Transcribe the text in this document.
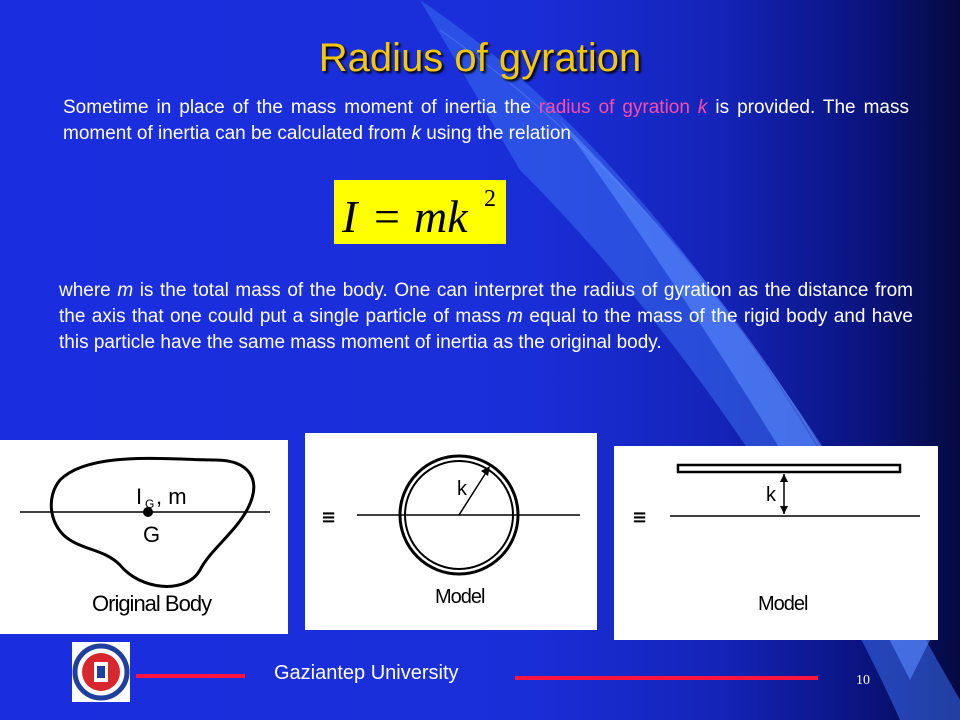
Radius of gyration
Sometime in place of the mass moment of inertia the radius of gyration k is provided. The mass moment of inertia can be calculated from k using the relation
I = mk 2
where m is the total mass of the body. One can interpret the radius of gyration as the distance from the axis that one could put a single particle of mass m equal to the mass of the rigid body and have this particle have the same mass moment of inertia as the original body.
I G , m
G
Original Body
≡
k
Model
≡
k
Model
Gaziantep University	10
